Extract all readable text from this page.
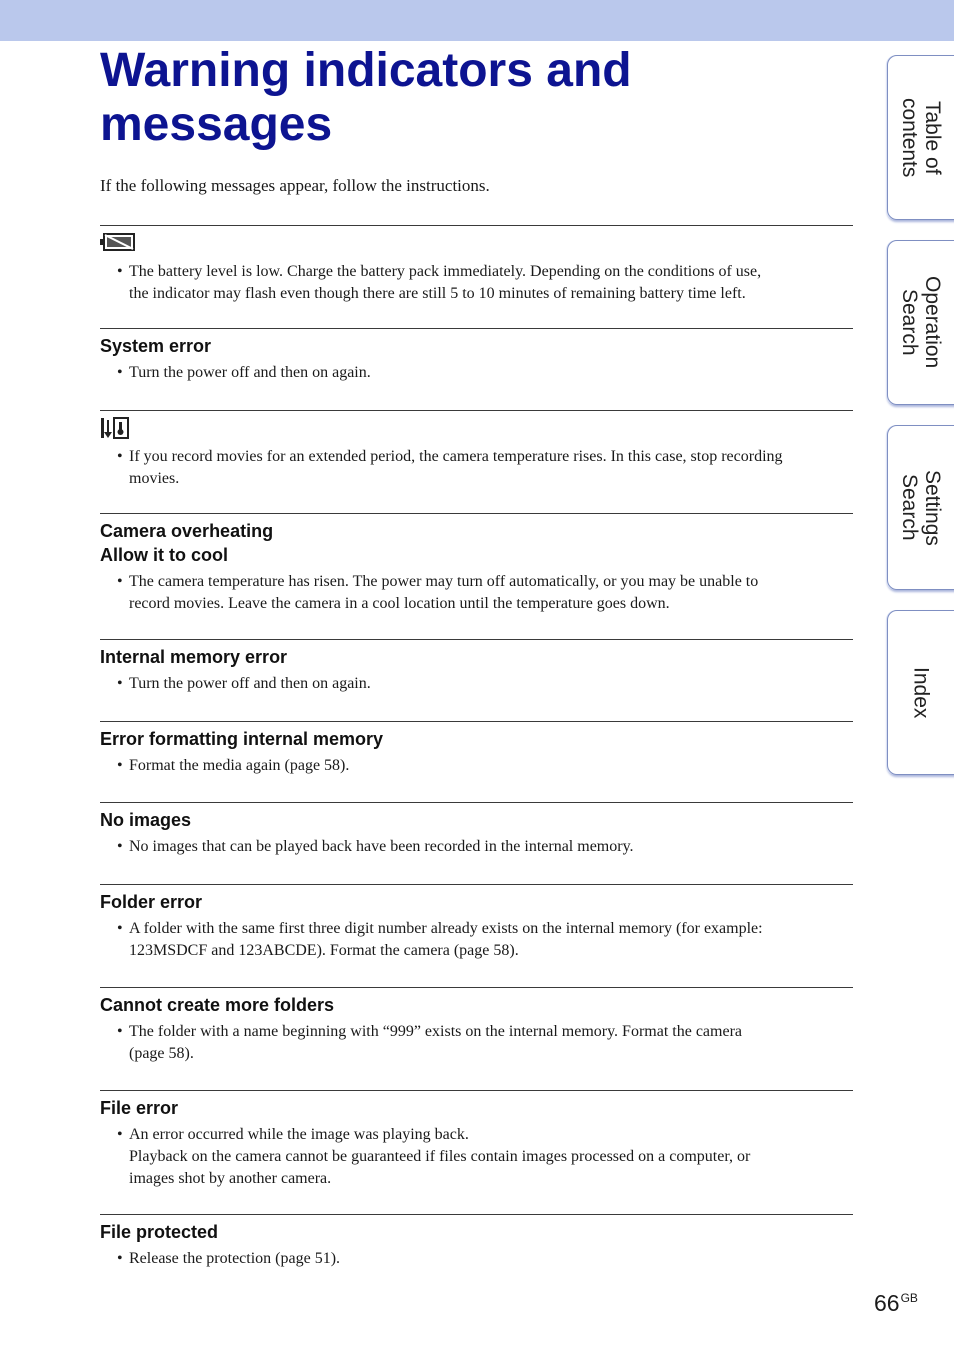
Warning indicators and
messages

If the following messages appear, follow the instructions.

• The battery level is low. Charge the battery pack immediately. Depending on the conditions of use,
the indicator may flash even though there are still 5 to 10 minutes of remaining battery time left.
System error
• Turn the power off and then on again.
• If you record movies for an extended period, the camera temperature rises. In this case, stop recording
movies.
Camera overheating
Allow it to cool
• The camera temperature has risen. The power may turn off automatically, or you may be unable to
record movies. Leave the camera in a cool location until the temperature goes down.
Internal memory error
• Turn the power off and then on again.
Error formatting internal memory
• Format the media again (page 58).
No images
• No images that can be played back have been recorded in the internal memory.
Folder error
• A folder with the same first three digit number already exists on the internal memory (for example:
123MSDCF and 123ABCDE). Format the camera (page 58).
Cannot create more folders
• The folder with a name beginning with “999” exists on the internal memory. Format the camera
(page 58).
File error
• An error occurred while the image was playing back.
Playback on the camera cannot be guaranteed if files contain images processed on a computer, or
images shot by another camera.
File protected
• Release the protection (page 51).
Table of
contents
Operation
Search
Settings
Search
Index
$66^{GB}$
